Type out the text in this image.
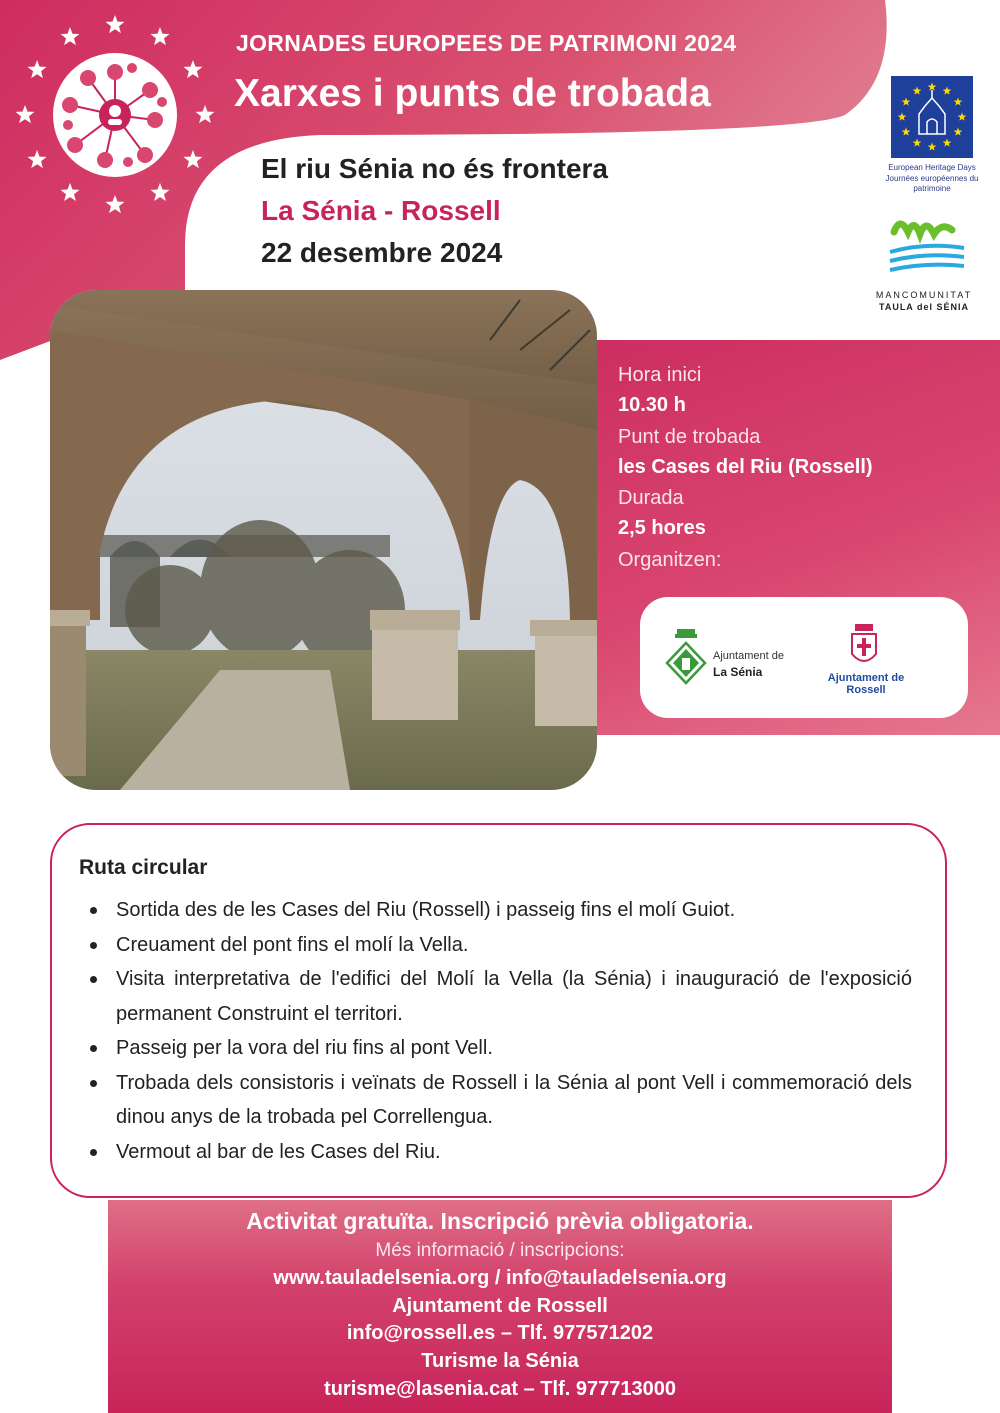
JORNADES EUROPEES DE PATRIMONI 2024
Xarxes i punts de trobada
El riu Sénia no és frontera
La Sénia - Rossell
22 desembre 2024
European Heritage Days
Journées européennes du patrimoine
MANCOMUNITAT
TAULA del SÉNIA
Hora inici
10.30 h
Punt de trobada
les Cases del Riu (Rossell)
Durada
2,5 hores
Organitzen:
Ajuntament de
La Sénia	Ajuntament de Rossell
Ruta circular
Sortida des de les Cases del Riu (Rossell) i passeig fins el molí Guiot.
Creuament del pont fins el molí la Vella.
Visita interpretativa de l'edifici del Molí la Vella (la Sénia) i inauguració de l'exposició permanent Construint el territori.
Passeig per la vora del riu fins al pont Vell.
Trobada dels consistoris i veïnats de Rossell i la Sénia al pont Vell i commemoració dels dinou anys de la trobada pel Correllengua.
Vermout al bar de les Cases del Riu.
Activitat gratuïta. Inscripció prèvia obligatoria.
Més informació / inscripcions:
www.tauladelsenia.org / info@tauladelsenia.org
Ajuntament de Rossell
info@rossell.es – Tlf. 977571202
Turisme la Sénia
turisme@lasenia.cat – Tlf. 977713000
